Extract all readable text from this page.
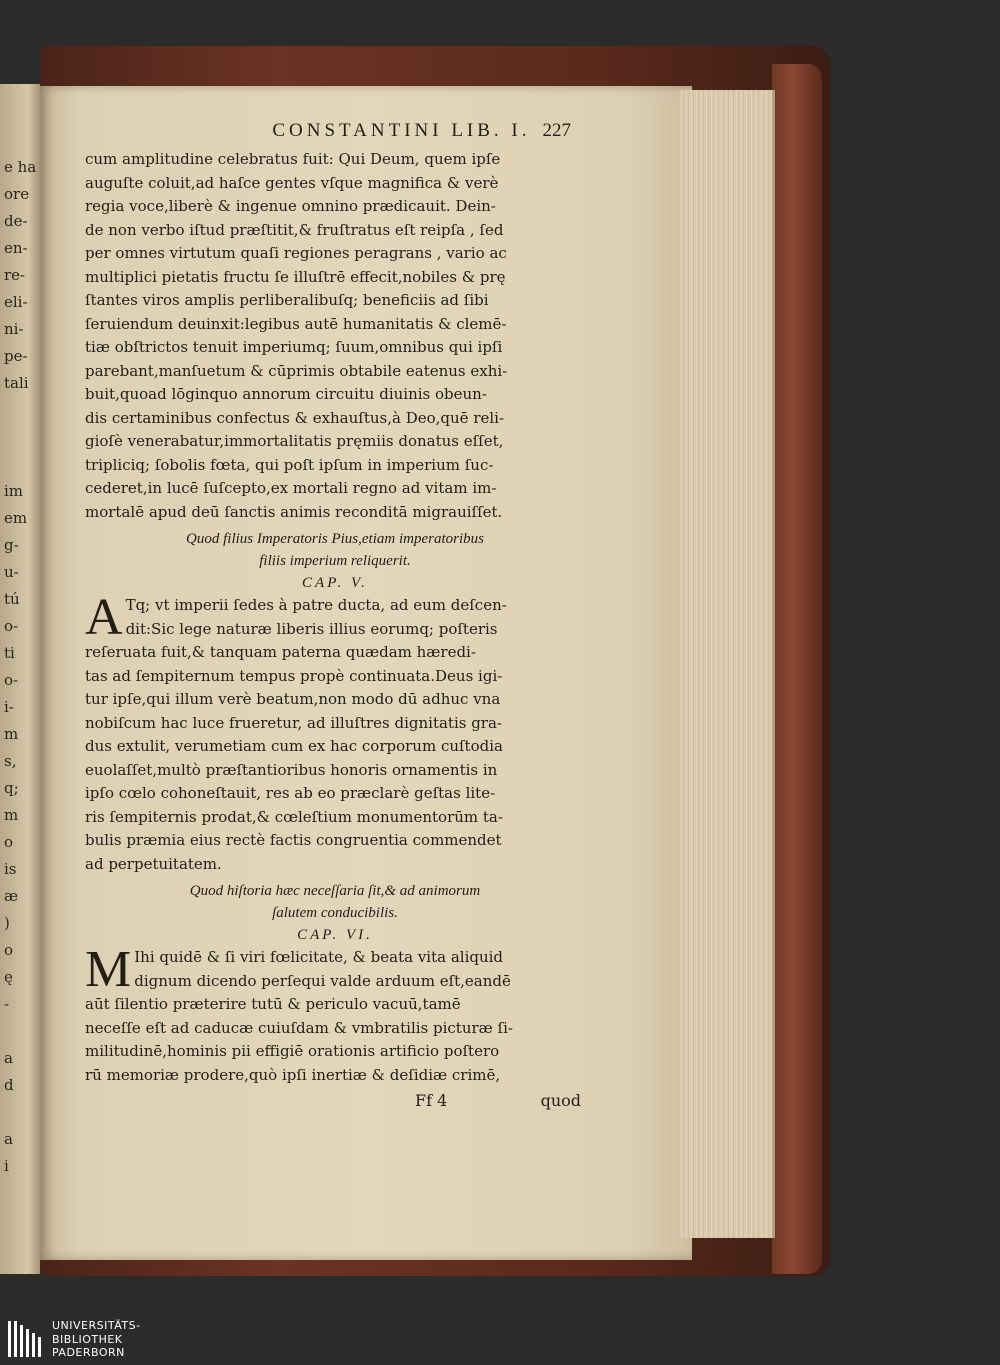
e ha
ore
de-
en-
re-
eli-
ni-
pe-
tali
im
em
g-
u-
tú
o-
ti
o-
i-
m
s,
q;
m
o
is
æ
)
o
ę
-
a
d
a
i
CONSTANTINI LIB. I. 227
cum amplitudine celebratus fuit: Qui Deum, quem ipſe
auguſte coluit,ad haſce gentes vſque magnifica & verè
regia voce,liberè & ingenue omnino prædicauit. Dein-
de non verbo iſtud præſtitit,& fruſtratus eſt reipſa , ſed
per omnes virtutum quaſi regiones peragrans , vario ac
multiplici pietatis fructu ſe illuſtrē effecit,nobiles & prę
ſtantes viros amplis perliberalibuſq; beneficiis ad ſibi
ſeruiendum deuinxit:legibus autē humanitatis & clemē-
tiæ obſtrictos tenuit imperiumq; ſuum,omnibus qui ipſi
parebant,manſuetum & cūprimis obtabile eatenus exhi-
buit,quoad lōginquo annorum circuitu diuinis obeun-
dis certaminibus confectus & exhauſtus,à Deo,quē reli-
gioſè venerabatur,immortalitatis pręmiis donatus eſſet,
tripliciq; ſobolis fœta, qui poſt ipſum in imperium ſuc-
cederet,in lucē ſuſcepto,ex mortali regno ad vitam im-
mortalē apud deū ſanctis animis reconditā migrauiſſet.
Quod filius Imperatoris Pius,etiam imperatoribus
filiis imperium reliquerit.
CAP. V.
A Tq; vt imperii ſedes à patre ducta, ad eum deſcen-
dit:Sic lege naturæ liberis illius eorumq; poſteris
reſeruata fuit,& tanquam paterna quædam hæredi-
tas ad ſempiternum tempus propè continuata.Deus igi-
tur ipſe,qui illum verè beatum,non modo dū adhuc vna
nobiſcum hac luce frueretur, ad illuſtres dignitatis gra-
dus extulit, verumetiam cum ex hac corporum cuſtodia
euolaſſet,multò præſtantioribus honoris ornamentis in
ipſo cœlo cohoneſtauit, res ab eo præclarè geſtas lite-
ris ſempiternis prodat,& cœleſtium monumentorūm ta-
bulis præmia eius rectè factis congruentia commendet
ad perpetuitatem.
Quod hiſtoria hæc neceſſaria ſit,& ad animorum
ſalutem conducibilis.
CAP. VI.
M Ihi quidē & ſi viri fœlicitate, & beata vita aliquid
dignum dicendo perſequi valde arduum eſt,eandē
aūt ſilentio præterire tutū & periculo vacuū,tamē
neceſſe eſt ad caducæ cuiuſdam & vmbratilis picturæ ſi-
militudinē,hominis pii effigiē orationis artificio poſtero
rū memoriæ prodere,quò ipſi inertiæ & deſidiæ crimē,
Ff 4	quod
UNIVERSITÄTS-
BIBLIOTHEK
PADERBORN
